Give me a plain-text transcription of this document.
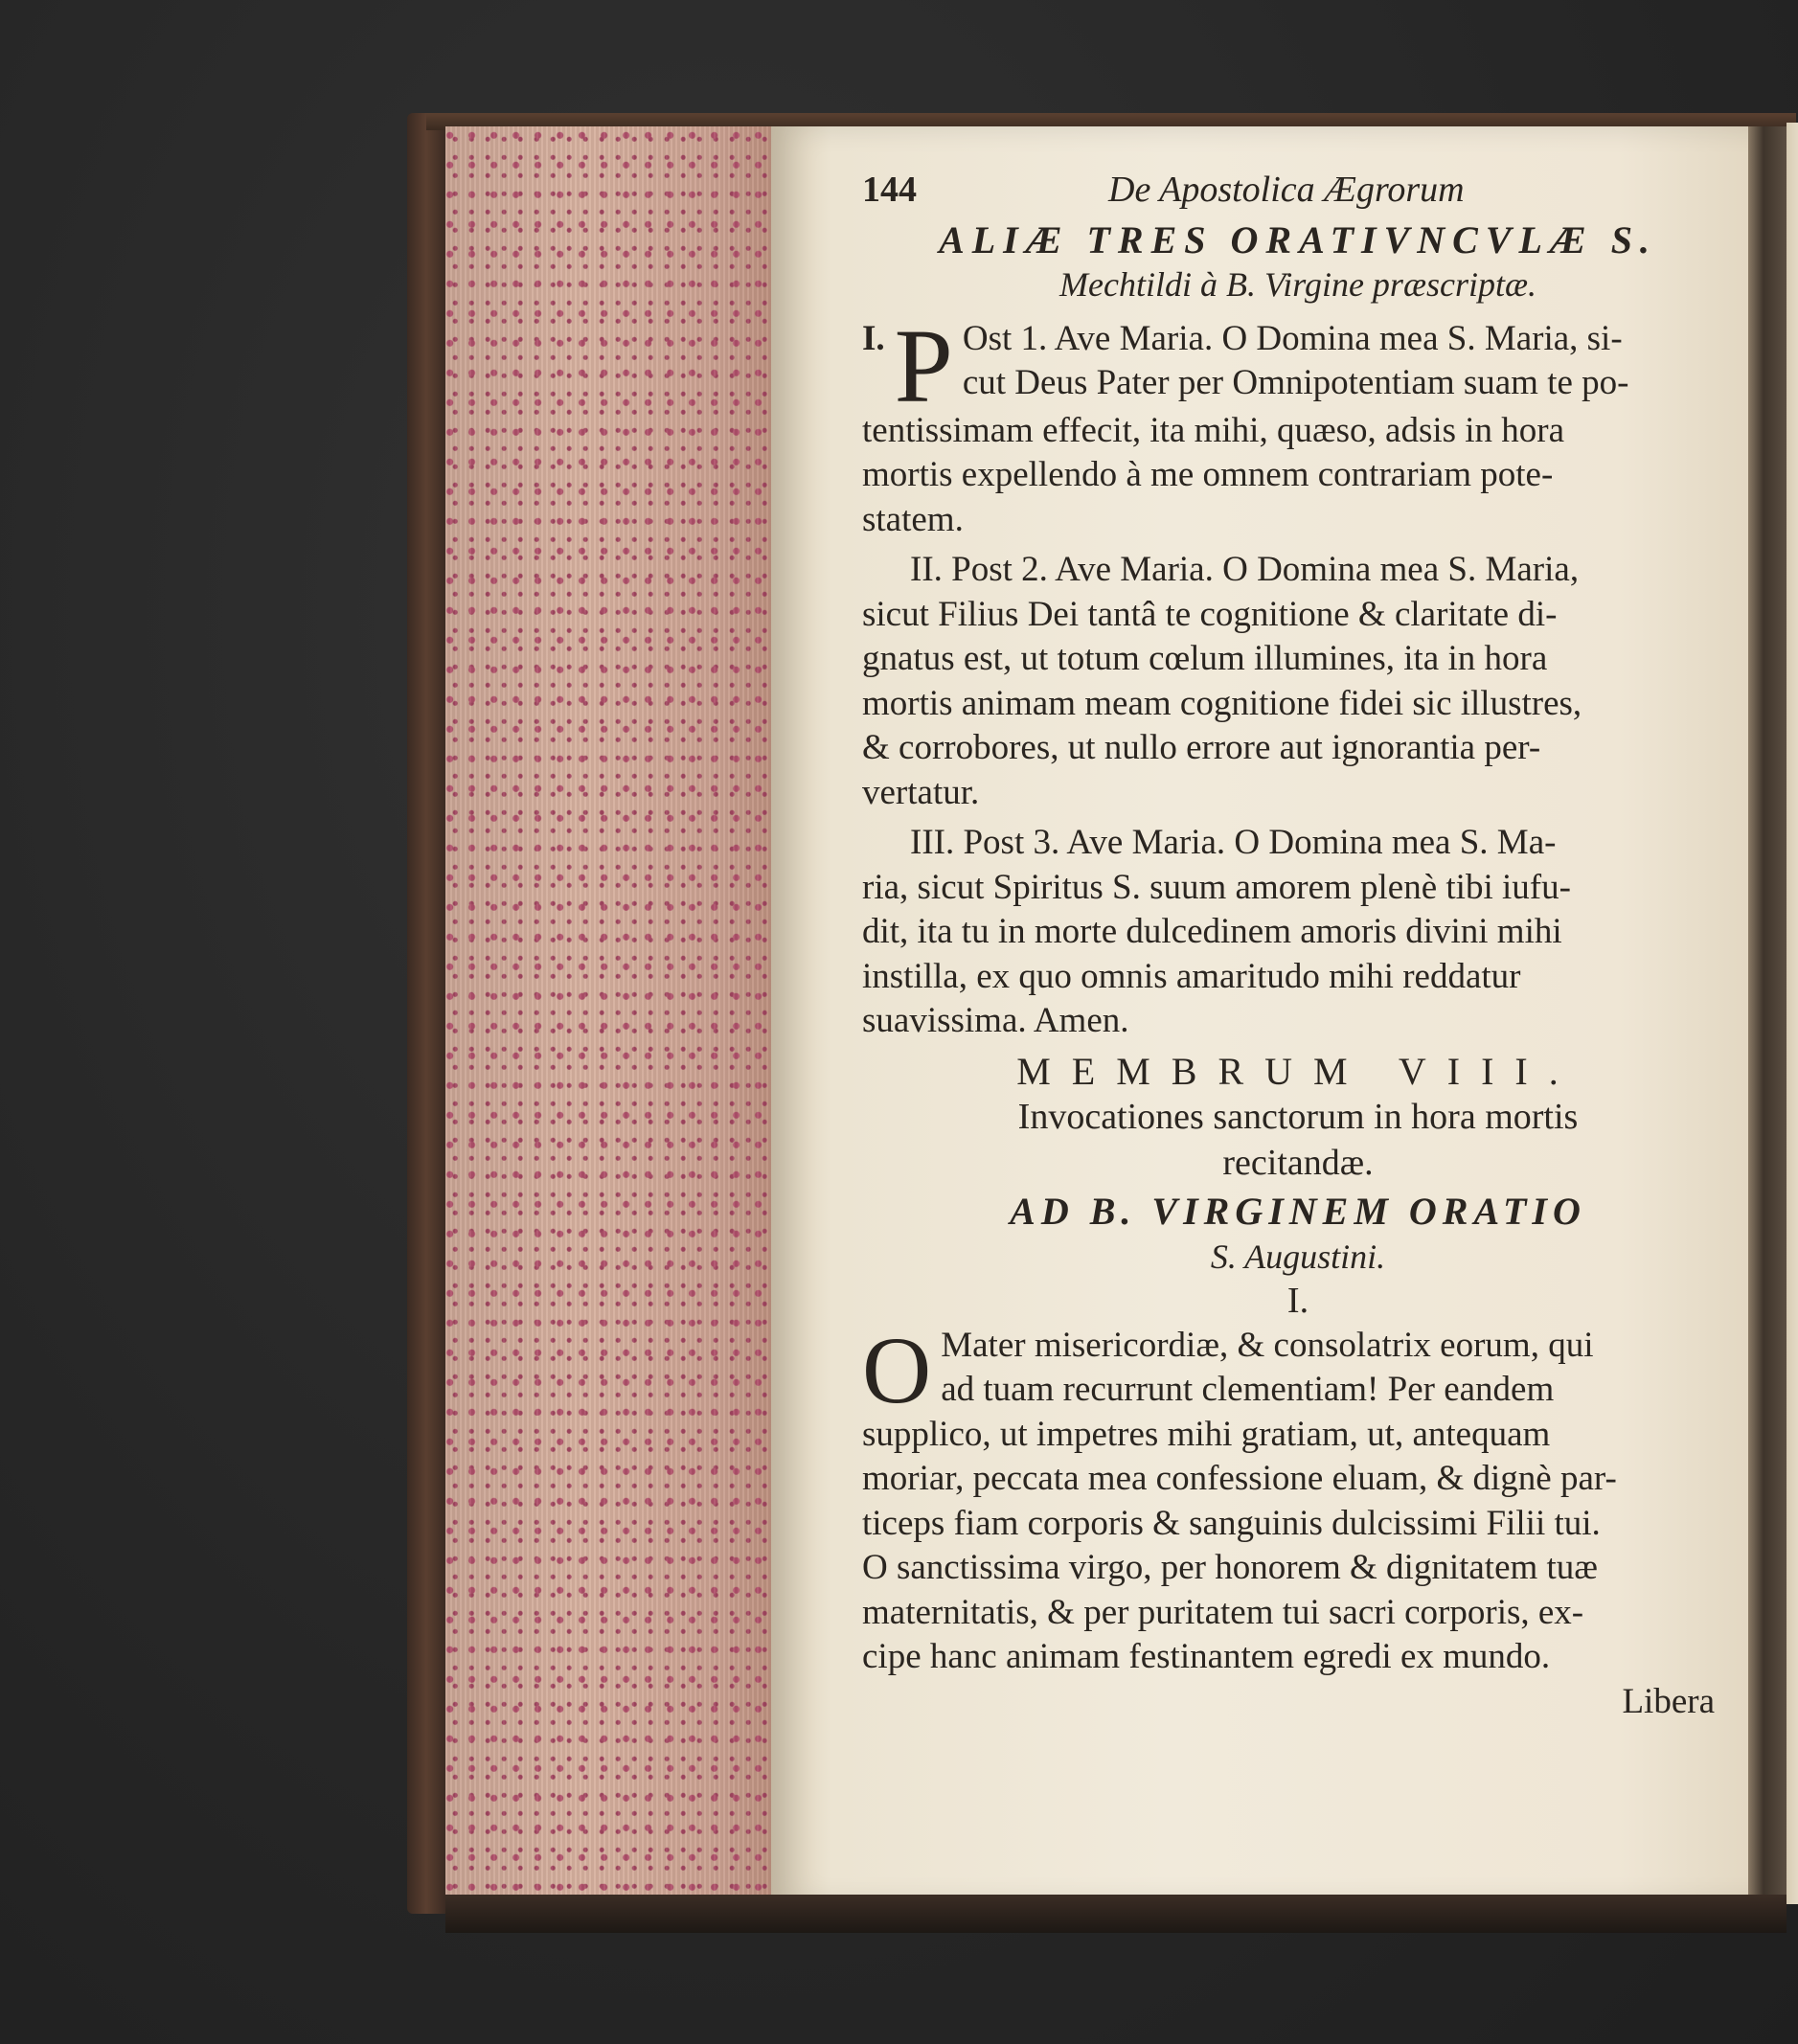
144	De Apostolica Ægrorum
ALIÆ TRES ORATIVNCVLÆ S.
Mechtildi à B. Virgine præscriptæ.
I. P Ost 1. Ave Maria. O Domina mea S. Maria, si-
cut Deus Pater per Omnipotentiam suam te po-
tentissimam effecit, ita mihi, quæso, adsis in hora
mortis expellendo à me omnem contrariam pote-
statem.
II. Post 2. Ave Maria. O Domina mea S. Maria,
sicut Filius Dei tantâ te cognitione & claritate di-
gnatus est, ut totum cœlum illumines, ita in hora
mortis animam meam cognitione fidei sic illustres,
& corrobores, ut nullo errore aut ignorantia per-
vertatur.
III. Post 3. Ave Maria. O Domina mea S. Ma-
ria, sicut Spiritus S. suum amorem plenè tibi iufu-
dit, ita tu in morte dulcedinem amoris divini mihi
instilla, ex quo omnis amaritudo mihi reddatur
suavissima. Amen.
MEMBRUM VIII.
Invocationes sanctorum in hora mortis
recitandæ.
AD B. VIRGINEM ORATIO
S. Augustini.
I.
O Mater misericordiæ, & consolatrix eorum, qui
ad tuam recurrunt clementiam! Per eandem
supplico, ut impetres mihi gratiam, ut, antequam
moriar, peccata mea confessione eluam, & dignè par-
ticeps fiam corporis & sanguinis dulcissimi Filii tui.
O sanctissima virgo, per honorem & dignitatem tuæ
maternitatis, & per puritatem tui sacri corporis, ex-
cipe hanc animam festinantem egredi ex mundo.
Libera
